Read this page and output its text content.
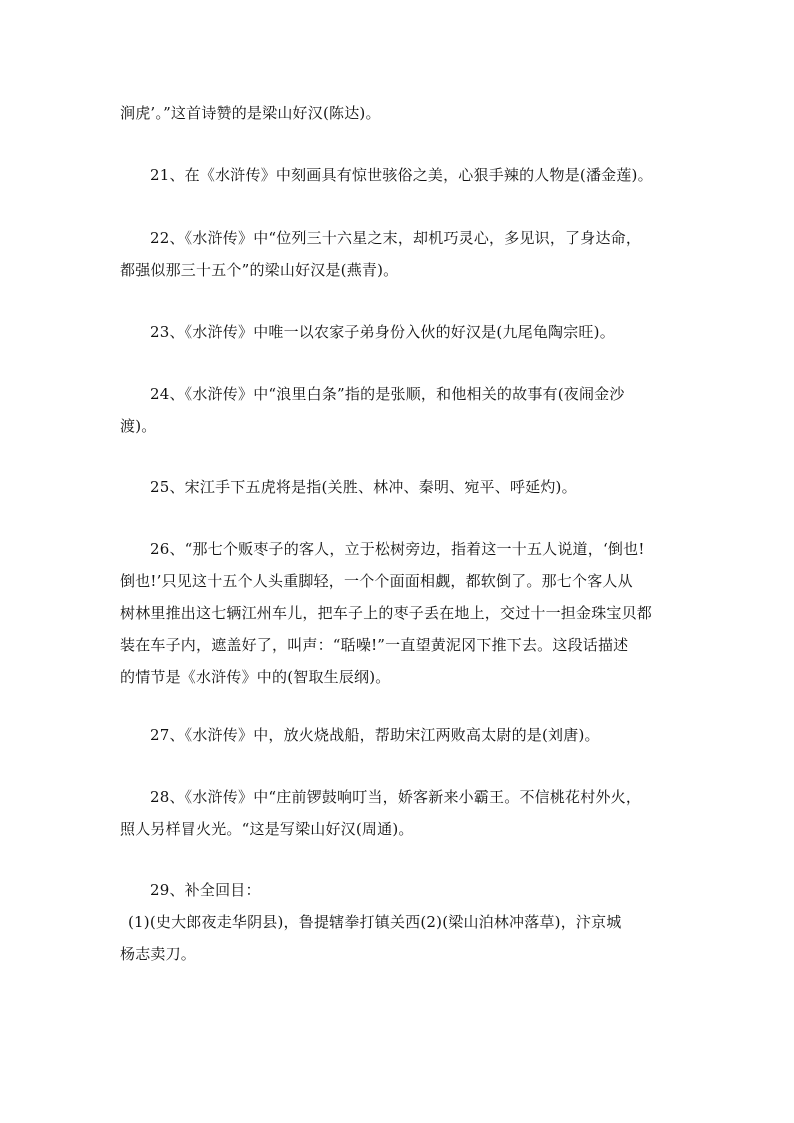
涧虎’。”这首诗赞的是梁山好汉(陈达)。
21、在《水浒传》中刻画具有惊世骇俗之美，心狠手辣的人物是(潘金莲)。
22、《水浒传》中“位列三十六星之末，却机巧灵心，多见识，了身达命，
都强似那三十五个”的梁山好汉是(燕青)。
23、《水浒传》中唯一以农家子弟身份入伙的好汉是(九尾龟陶宗旺)。
24、《水浒传》中“浪里白条”指的是张顺，和他相关的故事有(夜闹金沙
渡)。
25、宋江手下五虎将是指(关胜、林冲、秦明、宛平、呼延灼)。
26、“那七个贩枣子的客人，立于松树旁边，指着这一十五人说道，‘倒也!
倒也!’只见这十五个人头重脚轻，一个个面面相觑，都软倒了。那七个客人从
树林里推出这七辆江州车儿，把车子上的枣子丢在地上，交过十一担金珠宝贝都
装在车子内，遮盖好了，叫声：“聒噪!”一直望黄泥冈下推下去。这段话描述
的情节是《水浒传》中的(智取生辰纲)。
27、《水浒传》中，放火烧战船，帮助宋江两败高太尉的是(刘唐)。
28、《水浒传》中“庄前锣鼓响叮当，娇客新来小霸王。不信桃花村外火，
照人另样冒火光。“这是写梁山好汉(周通)。
29、补全回目：
(1)(史大郎夜走华阴县)，鲁提辖拳打镇关西(2)(梁山泊林冲落草)，汴京城
杨志卖刀。
